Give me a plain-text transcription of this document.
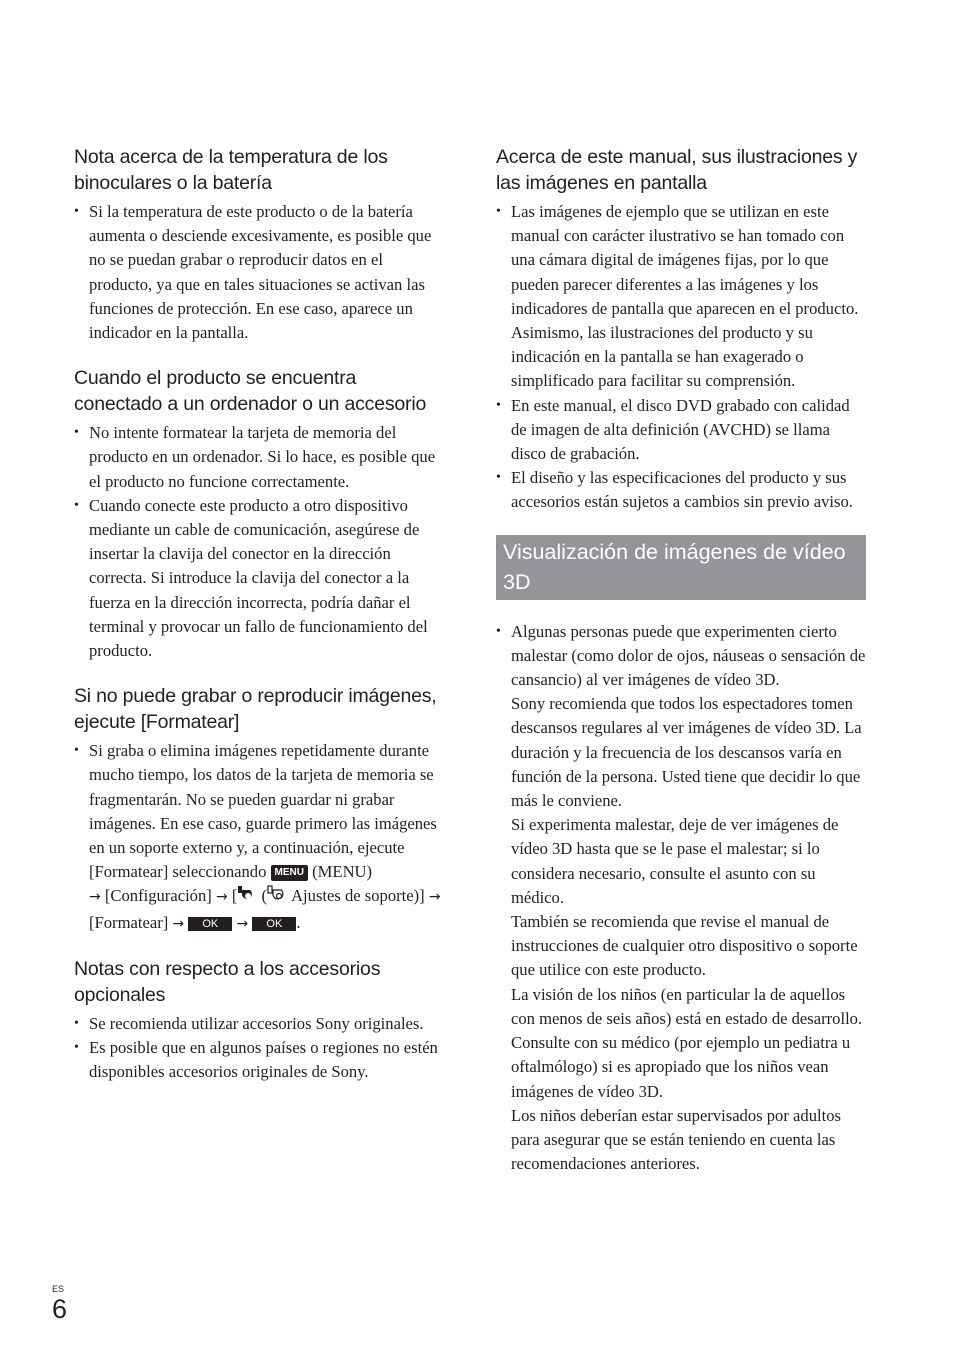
Nota acerca de la temperatura de los binoculares o la batería
• Si la temperatura de este producto o de la batería aumenta o desciende excesivamente, es posible que no se puedan grabar o reproducir datos en el producto, ya que en tales situaciones se activan las funciones de protección. En ese caso, aparece un indicador en la pantalla.
Cuando el producto se encuentra conectado a un ordenador o un accesorio
• No intente formatear la tarjeta de memoria del producto en un ordenador. Si lo hace, es posible que el producto no funcione correctamente.
• Cuando conecte este producto a otro dispositivo mediante un cable de comunicación, asegúrese de insertar la clavija del conector en la dirección correcta. Si introduce la clavija del conector a la fuerza en la dirección incorrecta, podría dañar el terminal y provocar un fallo de funcionamiento del producto.
Si no puede grabar o reproducir imágenes, ejecute [Formatear]
• Si graba o elimina imágenes repetidamente durante mucho tiempo, los datos de la tarjeta de memoria se fragmentarán. No se pueden guardar ni grabar imágenes. En ese caso, guarde primero las imágenes en un soporte externo y, a continuación, ejecute [Formatear] seleccionando MENU (MENU)
→ [Configuración] → [ ( Ajustes de soporte)] → [Formatear] → OK → OK .
Notas con respecto a los accesorios opcionales
• Se recomienda utilizar accesorios Sony originales.
• Es posible que en algunos países o regiones no estén disponibles accesorios originales de Sony.
Acerca de este manual, sus ilustraciones y las imágenes en pantalla
• Las imágenes de ejemplo que se utilizan en este manual con carácter ilustrativo se han tomado con una cámara digital de imágenes fijas, por lo que pueden parecer diferentes a las imágenes y los indicadores de pantalla que aparecen en el producto. Asimismo, las ilustraciones del producto y su indicación en la pantalla se han exagerado o simplificado para facilitar su comprensión.
• En este manual, el disco DVD grabado con calidad de imagen de alta definición (AVCHD) se llama disco de grabación.
• El diseño y las especificaciones del producto y sus accesorios están sujetos a cambios sin previo aviso.
Visualización de imágenes de vídeo 3D

• Algunas personas puede que experimenten cierto malestar (como dolor de ojos, náuseas o sensación de cansancio) al ver imágenes de vídeo 3D.

Sony recomienda que todos los espectadores tomen descansos regulares al ver imágenes de vídeo 3D. La duración y la frecuencia de los descansos varía en función de la persona. Usted tiene que decidir lo que más le conviene.

Si experimenta malestar, deje de ver imágenes de vídeo 3D hasta que se le pase el malestar; si lo considera necesario, consulte el asunto con su médico.

También se recomienda que revise el manual de instrucciones de cualquier otro dispositivo o soporte que utilice con este producto.

La visión de los niños (en particular la de aquellos con menos de seis años) está en estado de desarrollo. Consulte con su médico (por ejemplo un pediatra u oftalmólogo) si es apropiado que los niños vean imágenes de vídeo 3D.

Los niños deberían estar supervisados por adultos para asegurar que se están teniendo en cuenta las recomendaciones anteriores.

ES
6
